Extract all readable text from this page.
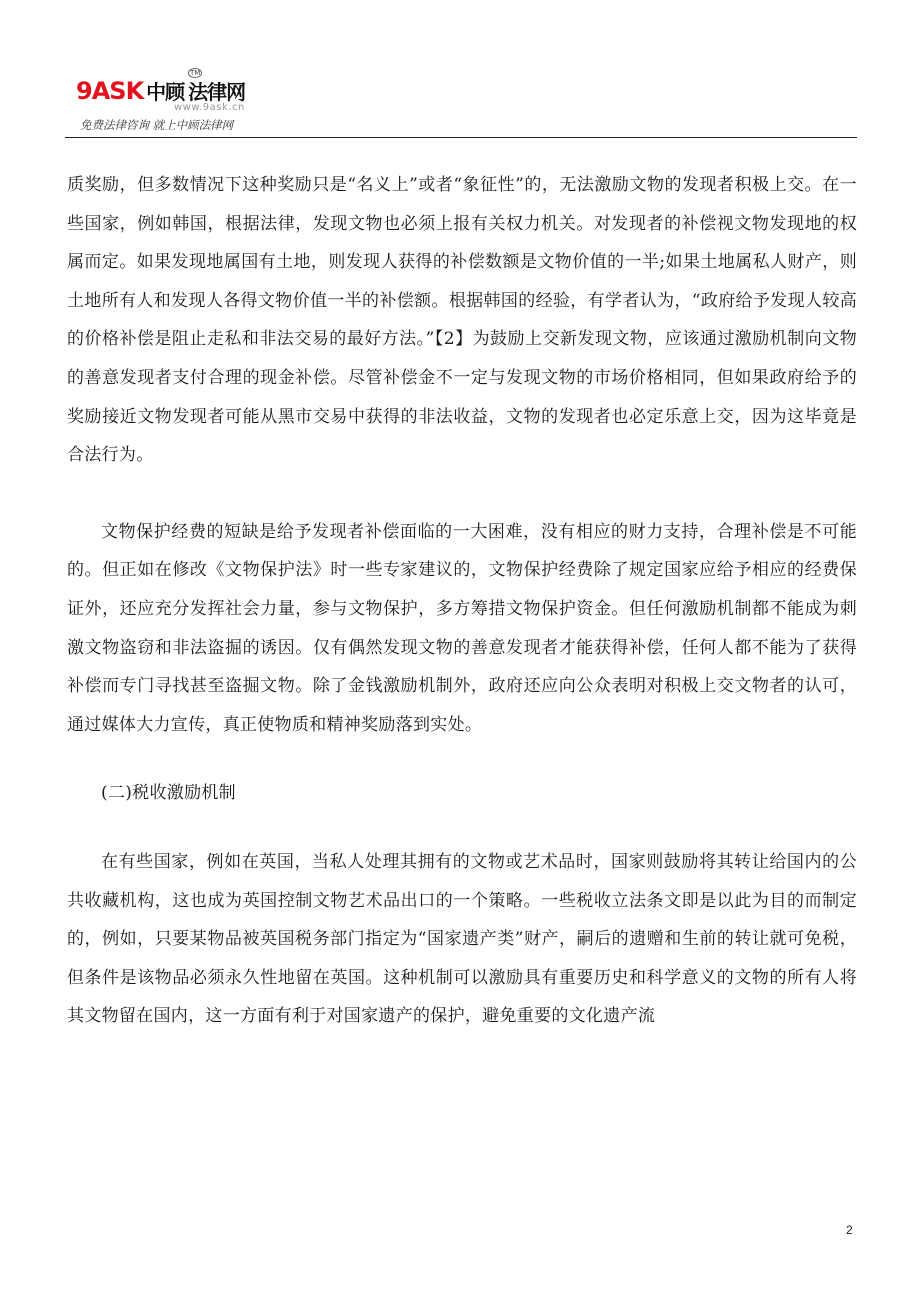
9ASK 中顾 法律网
TM
www.9ask.cn
免费法律咨询 就上中顾法律网

质奖励，但多数情况下这种奖励只是“名义上”或者“象征性”的，无法激励文物的发现者积极上交。在一些国家，例如韩国，根据法律，发现文物也必须上报有关权力机关。对发现者的补偿视文物发现地的权属而定。如果发现地属国有土地，则发现人获得的补偿数额是文物价值的一半;如果土地属私人财产，则土地所有人和发现人各得文物价值一半的补偿额。根据韩国的经验，有学者认为，“政府给予发现人较高的价格补偿是阻止走私和非法交易的最好方法。”【2】为鼓励上交新发现文物，应该通过激励机制向文物的善意发现者支付合理的现金补偿。尽管补偿金不一定与发现文物的市场价格相同，但如果政府给予的奖励接近文物发现者可能从黑市交易中获得的非法收益，文物的发现者也必定乐意上交，因为这毕竟是合法行为。

文物保护经费的短缺是给予发现者补偿面临的一大困难，没有相应的财力支持，合理补偿是不可能的。但正如在修改《文物保护法》时一些专家建议的，文物保护经费除了规定国家应给予相应的经费保证外，还应充分发挥社会力量，参与文物保护，多方筹措文物保护资金。但任何激励机制都不能成为刺激文物盗窃和非法盗掘的诱因。仅有偶然发现文物的善意发现者才能获得补偿，任何人都不能为了获得补偿而专门寻找甚至盗掘文物。除了金钱激励机制外，政府还应向公众表明对积极上交文物者的认可，通过媒体大力宣传，真正使物质和精神奖励落到实处。

(二)税收激励机制

在有些国家，例如在英国，当私人处理其拥有的文物或艺术品时，国家则鼓励将其转让给国内的公共收藏机构，这也成为英国控制文物艺术品出口的一个策略。一些税收立法条文即是以此为目的而制定的，例如，只要某物品被英国税务部门指定为“国家遗产类”财产，嗣后的遗赠和生前的转让就可免税，但条件是该物品必须永久性地留在英国。这种机制可以激励具有重要历史和科学意义的文物的所有人将其文物留在国内，这一方面有利于对国家遗产的保护，避免重要的文化遗产流

2
